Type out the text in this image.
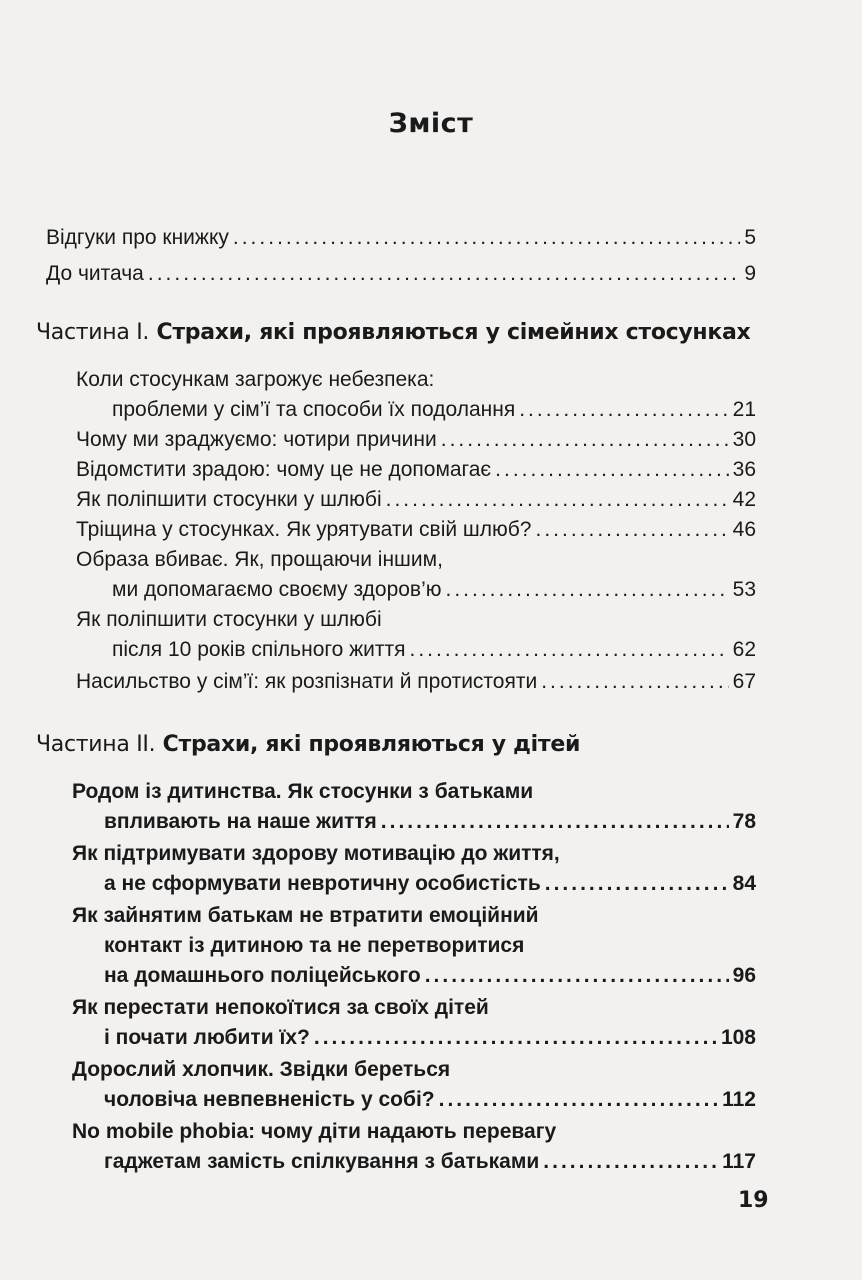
Зміст
Відгуки про книжку .....	5
До читача .....	9
Частина I. Страхи, які проявляються у сімейних стосунках
Коли стосункам загрожує небезпека:
проблеми у сім’ї та способи їх подолання .....	21
Чому ми зраджуємо: чотири причини .....	30
Відомстити зрадою: чому це не допомагає .....	36
Як поліпшити стосунки у шлюбі .....	42
Тріщина у стосунках. Як урятувати свій шлюб? .....	46
Образа вбиває. Як, прощаючи іншим,
ми допомагаємо своєму здоров’ю .....	53
Як поліпшити стосунки у шлюбі
після 10 років спільного життя .....	62
Насильство у сім’ї: як розпізнати й протистояти .....	67
Частина II. Страхи, які проявляються у дітей
Родом із дитинства. Як стосунки з батьками
впливають на наше життя .....	78
Як підтримувати здорову мотивацію до життя,
а не сформувати невротичну особистість .....	84
Як зайнятим батькам не втратити емоційний
контакт із дитиною та не перетворитися
на домашнього поліцейського .....	96
Як перестати непокоїтися за своїх дітей
і почати любити їх? .....	108
Дорослий хлопчик. Звідки береться
чоловіча невпевненість у собі? .....	112
No mobile phobia: чому діти надають перевагу
гаджетам замість спілкування з батьками .....	117
19
